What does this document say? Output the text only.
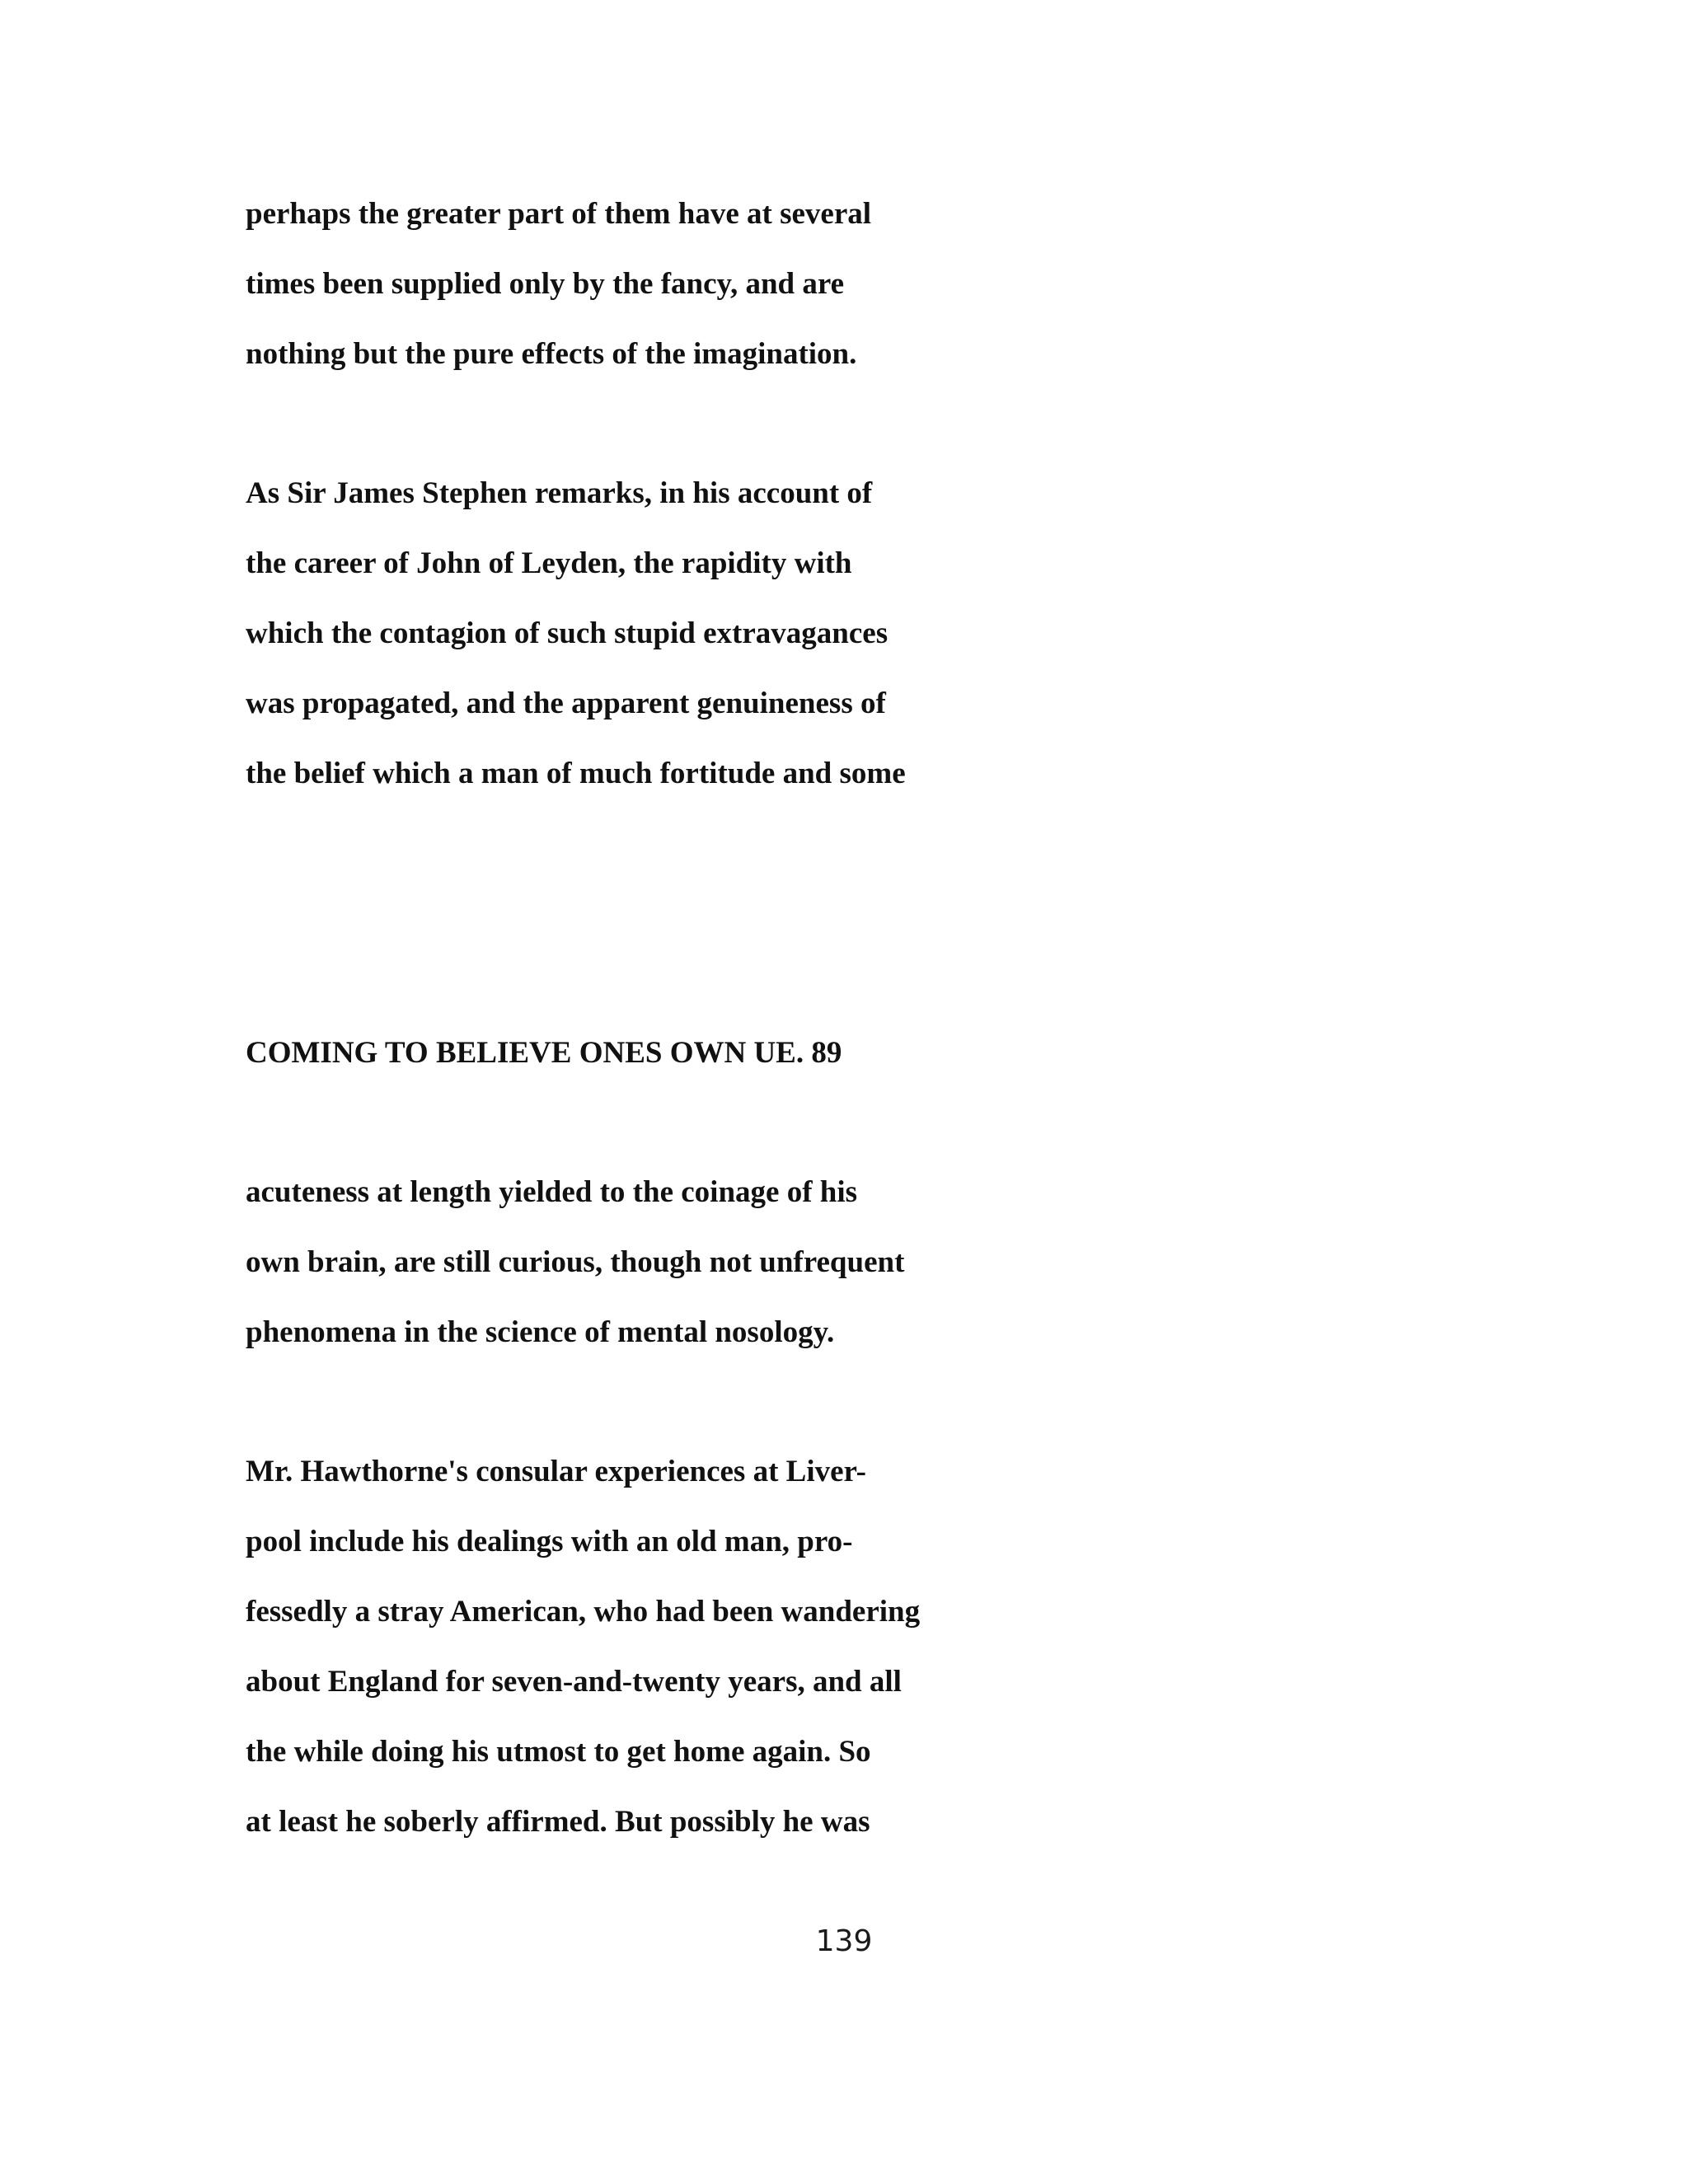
perhaps the greater part of them have at several
times been supplied only by the fancy, and are
nothing but the pure effects of the imagination.
As Sir James Stephen remarks, in his account of
the career of John of Leyden, the rapidity with
which the contagion of such stupid extravagances
was propagated, and the apparent genuineness of
the belief which a man of much fortitude and some
COMING TO BELIEVE ONES OWN UE. 89
acuteness at length yielded to the coinage of his
own brain, are still curious, though not unfrequent
phenomena in the science of mental nosology.
Mr. Hawthorne's consular experiences at Liver-
pool include his dealings with an old man, pro-
fessedly a stray American, who had been wandering
about England for seven-and-twenty years, and all
the while doing his utmost to get home again. So
at least he soberly affirmed. But possibly he was
139
